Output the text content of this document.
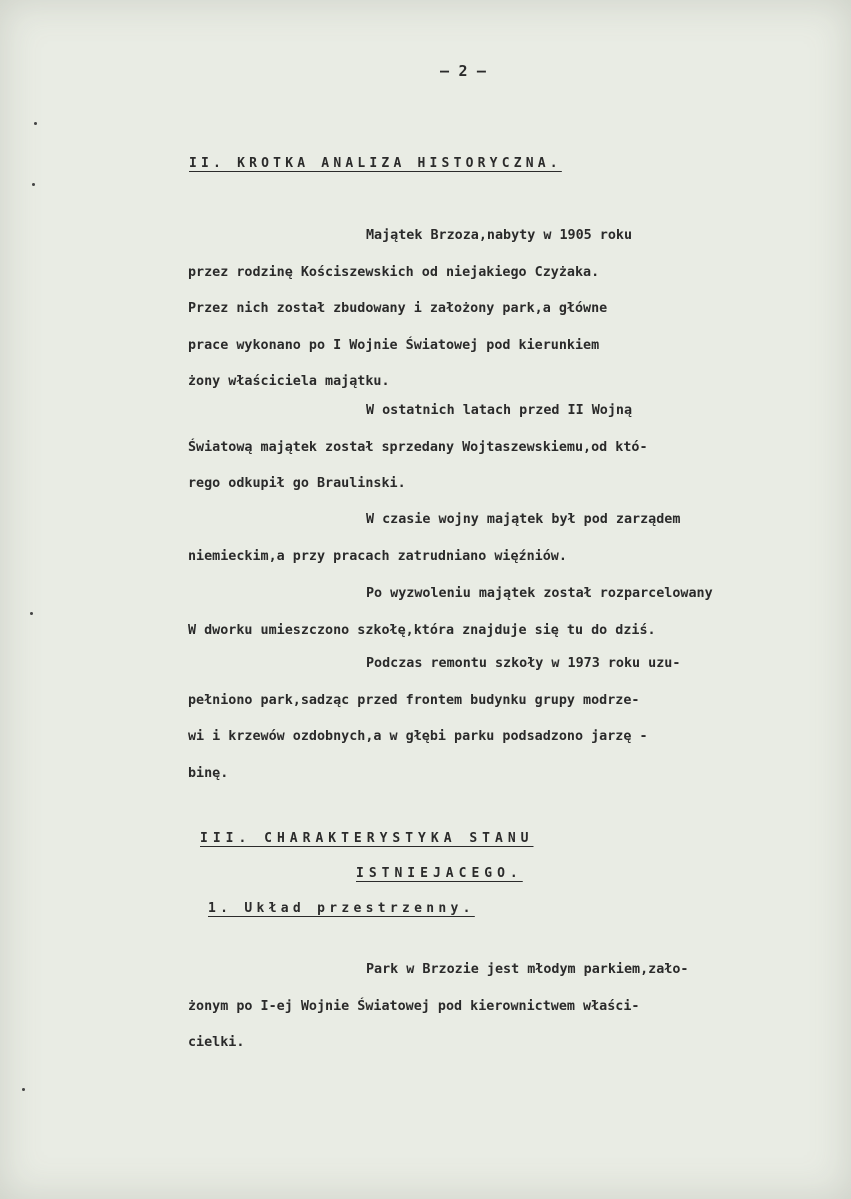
— 2 —
II. KROTKA ANALIZA HISTORYCZNA.
Majątek Brzoza,nabyty w 1905 roku
przez rodzinę Kościszewskich od niejakiego Czyżaka.
Przez nich został zbudowany i założony park,a główne
prace wykonano po I Wojnie Światowej pod kierunkiem
żony właściciela majątku.
W ostatnich latach przed II Wojną
Światową majątek został sprzedany Wojtaszewskiemu,od któ-
rego odkupił go Braulinski.
W czasie wojny majątek był pod zarządem
niemieckim,a przy pracach zatrudniano więźniów.
Po wyzwoleniu majątek został rozparcelowany
W dworku umieszczono szkołę,która znajduje się tu do dziś.
Podczas remontu szkoły w 1973 roku uzu-
pełniono park,sadząc przed frontem budynku grupy modrze-
wi i krzewów ozdobnych,a w głębi parku podsadzono jarzę -
binę.
III. CHARAKTERYSTYKA STANU
ISTNIEJACEGO.
1. Układ przestrzenny.
Park w Brzozie jest młodym parkiem,zało-
żonym po I-ej Wojnie Światowej pod kierownictwem właści-
cielki.
